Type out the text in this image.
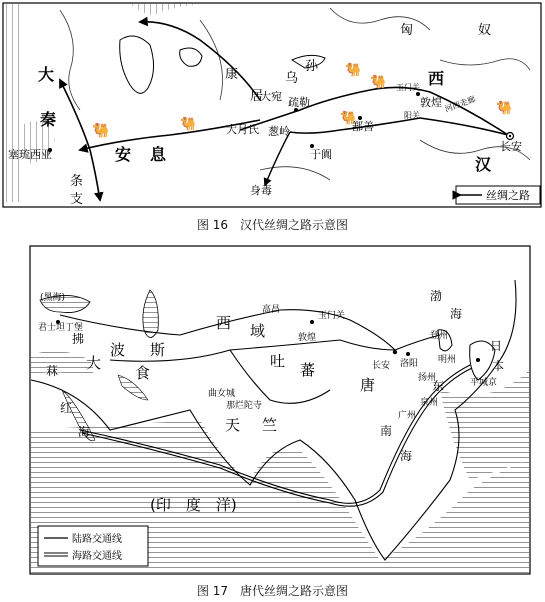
🐫	🐫	🐫
🐫
🐫
🐫
大
秦
息
安
西
汉
康
居
乌
孙
匈	奴
条
支
塞琉西亚
大月氏
大宛
葱岭
疏勒
于阗
鄯善
敦煌
长安
身毒	丝绸之路
玉门关
阳关
河西走廊
图 16　汉代丝绸之路示意图
陆路交通线
海路交通线
大
食
波 斯
西 域
吐 蕃
天 竺
唐
(印　度　洋)
拂
菻
红
海
渤
海
日
本
南
海
东
(黑海)
君士坦丁堡
高昌
玉门关
敦煌
曲女城
那烂陀寺
长安 洛阳
平城京
扬州
广州
泉州
明州
登州
图 17　唐代丝绸之路示意图
